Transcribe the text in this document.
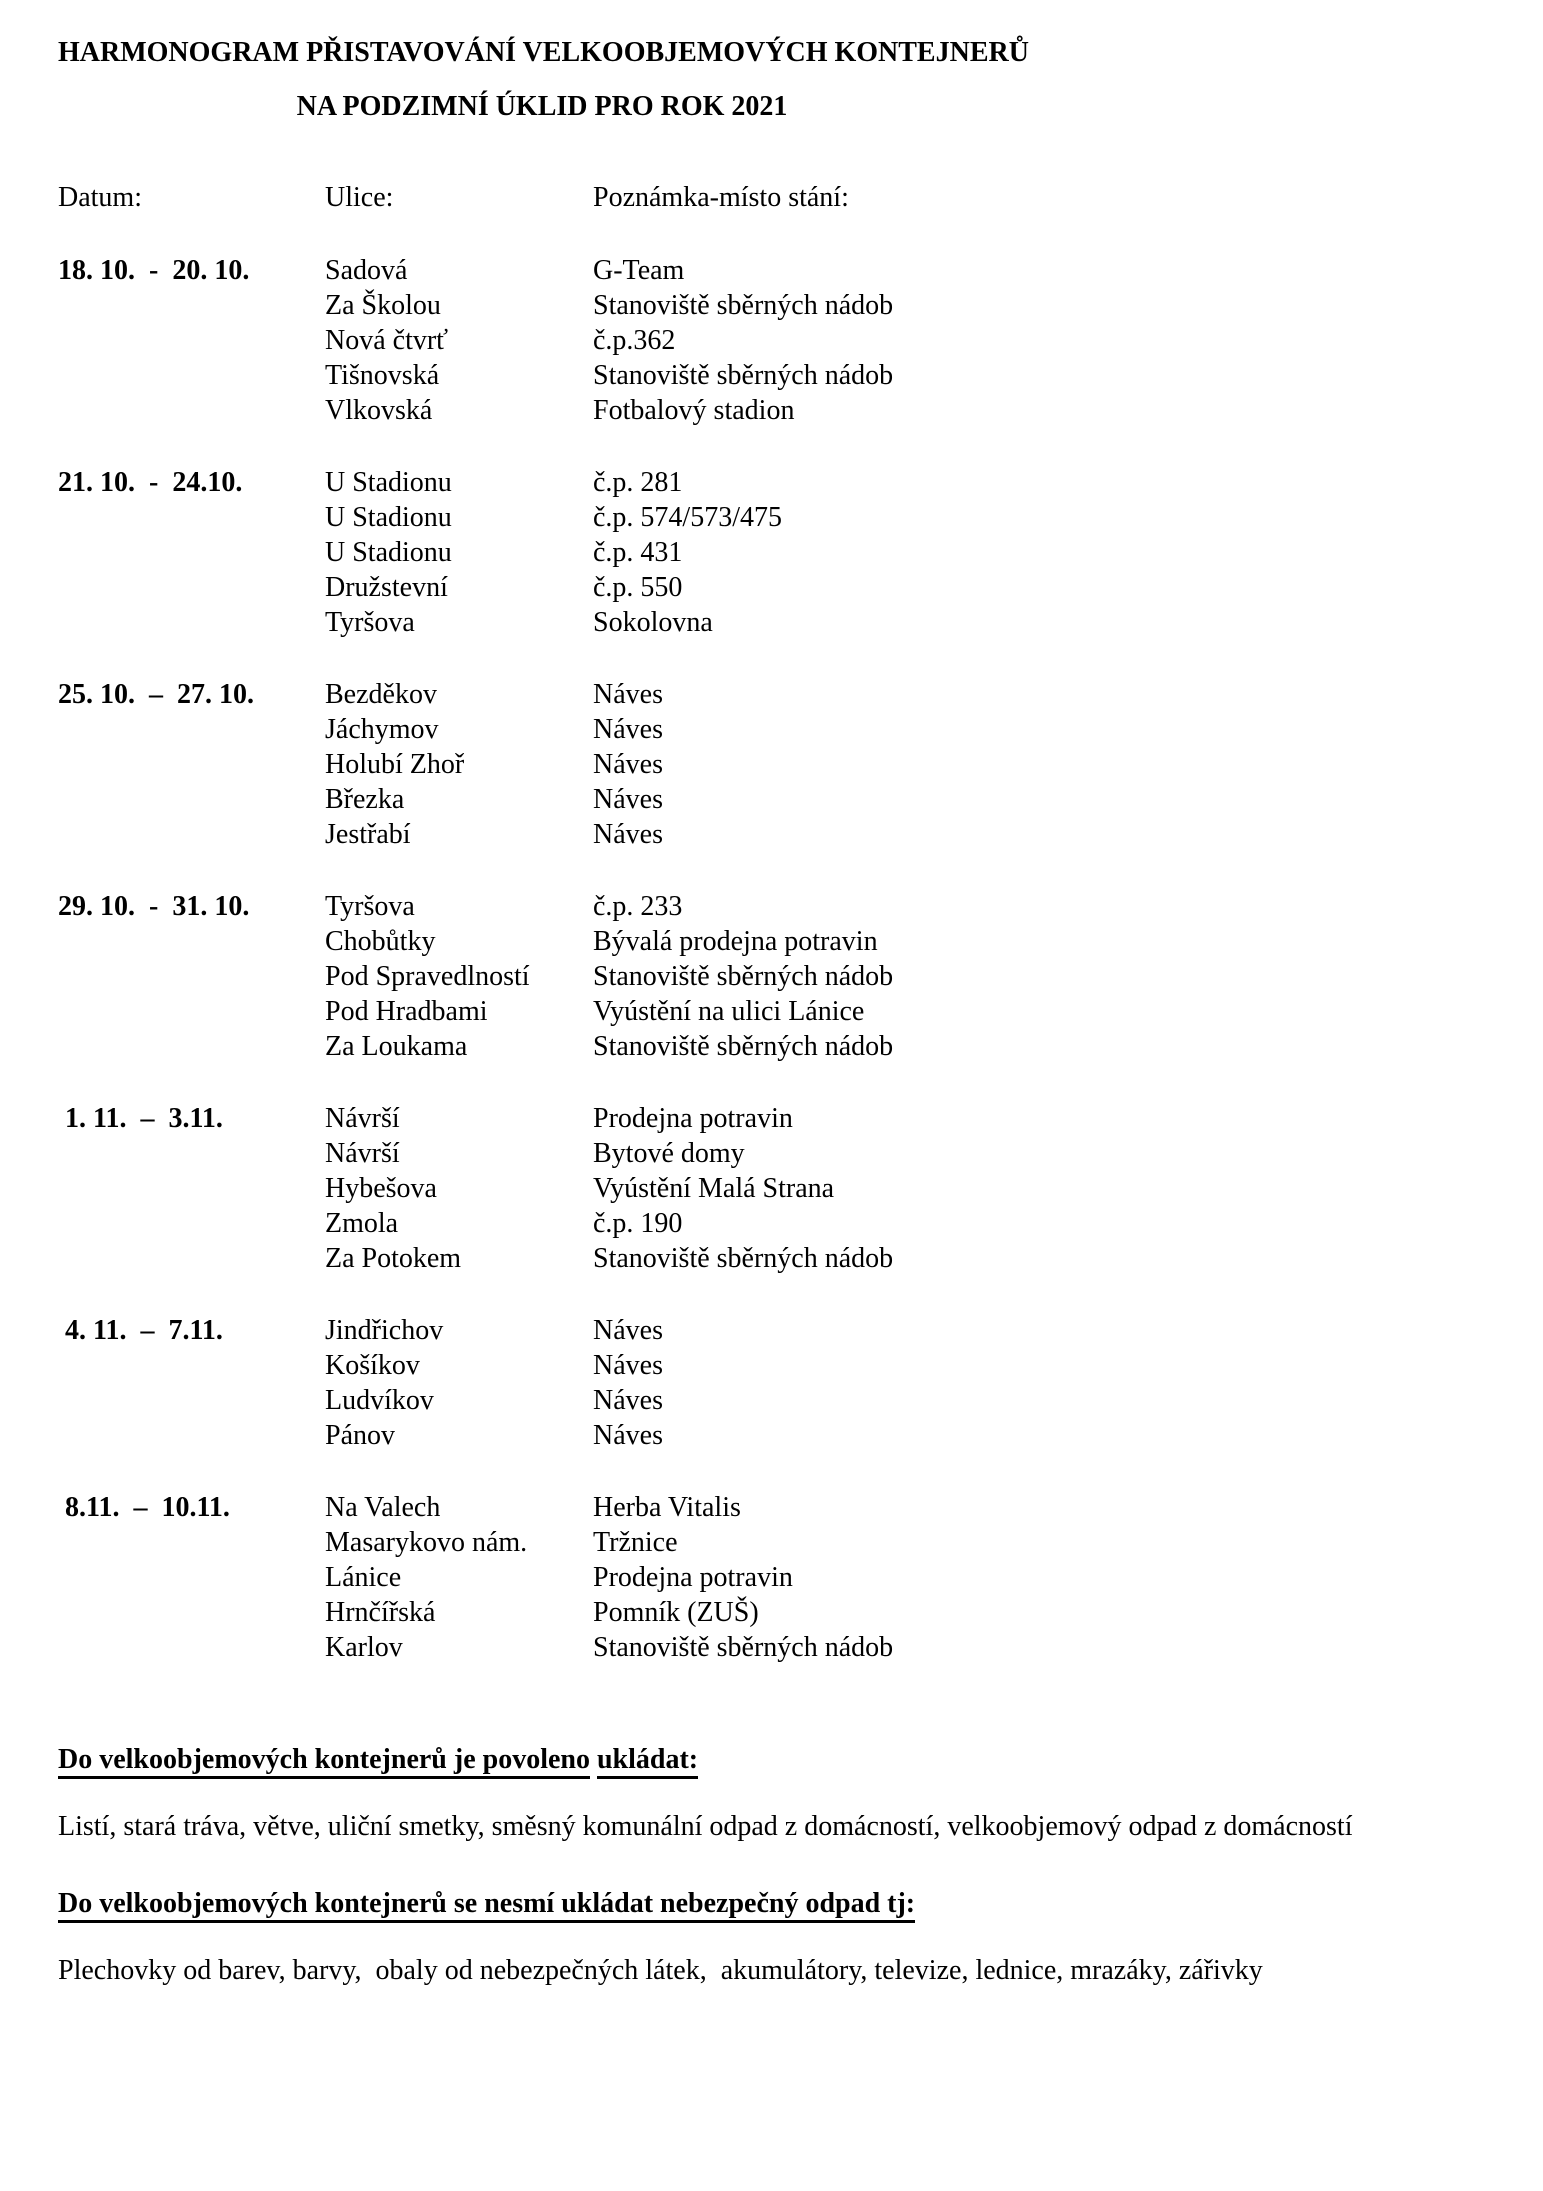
HARMONOGRAM PŘISTAVOVÁNÍ VELKOOBJEMOVÝCH KONTEJNERŮ
NA PODZIMNÍ ÚKLID PRO ROK 2021
Datum:	Ulice:	Poznámka-místo stání:
18. 10.  -  20. 10.	Sadová	G-Team
Za Školou	Stanoviště sběrných nádob
Nová čtvrť	č.p.362
Tišnovská	Stanoviště sběrných nádob
Vlkovská	Fotbalový stadion
21. 10.  -  24.10.	U Stadionu	č.p. 281
U Stadionu	č.p. 574/573/475
U Stadionu	č.p. 431
Družstevní	č.p. 550
Tyršova	Sokolovna
25. 10.  –  27. 10.	Bezděkov	Náves
Jáchymov	Náves
Holubí Zhoř	Náves
Březka	Náves
Jestřabí	Náves
29. 10.  -  31. 10.	Tyršova	č.p. 233
Chobůtky	Bývalá prodejna potravin
Pod Spravedlností	Stanoviště sběrných nádob
Pod Hradbami	Vyústění na ulici Lánice
Za Loukama	Stanoviště sběrných nádob
1. 11.  –  3.11.	Návrší	Prodejna potravin
Návrší	Bytové domy
Hybešova	Vyústění Malá Strana
Zmola	č.p. 190
Za Potokem	Stanoviště sběrných nádob
4. 11.  –  7.11.	Jindřichov	Náves
Košíkov	Náves
Ludvíkov	Náves
Pánov	Náves
8.11.  –  10.11.	Na Valech	Herba Vitalis
Masarykovo nám.	Tržnice
Lánice	Prodejna potravin
Hrnčířská	Pomník (ZUŠ)
Karlov	Stanoviště sběrných nádob
Do velkoobjemových kontejnerů je povoleno ukládat:
Listí, stará tráva, větve, uliční smetky, směsný komunální odpad z domácností, velkoobjemový odpad z domácností
Do velkoobjemových kontejnerů se nesmí ukládat nebezpečný odpad tj:
Plechovky od barev, barvy,  obaly od nebezpečných látek,  akumulátory, televize, lednice, mrazáky, zářivky
